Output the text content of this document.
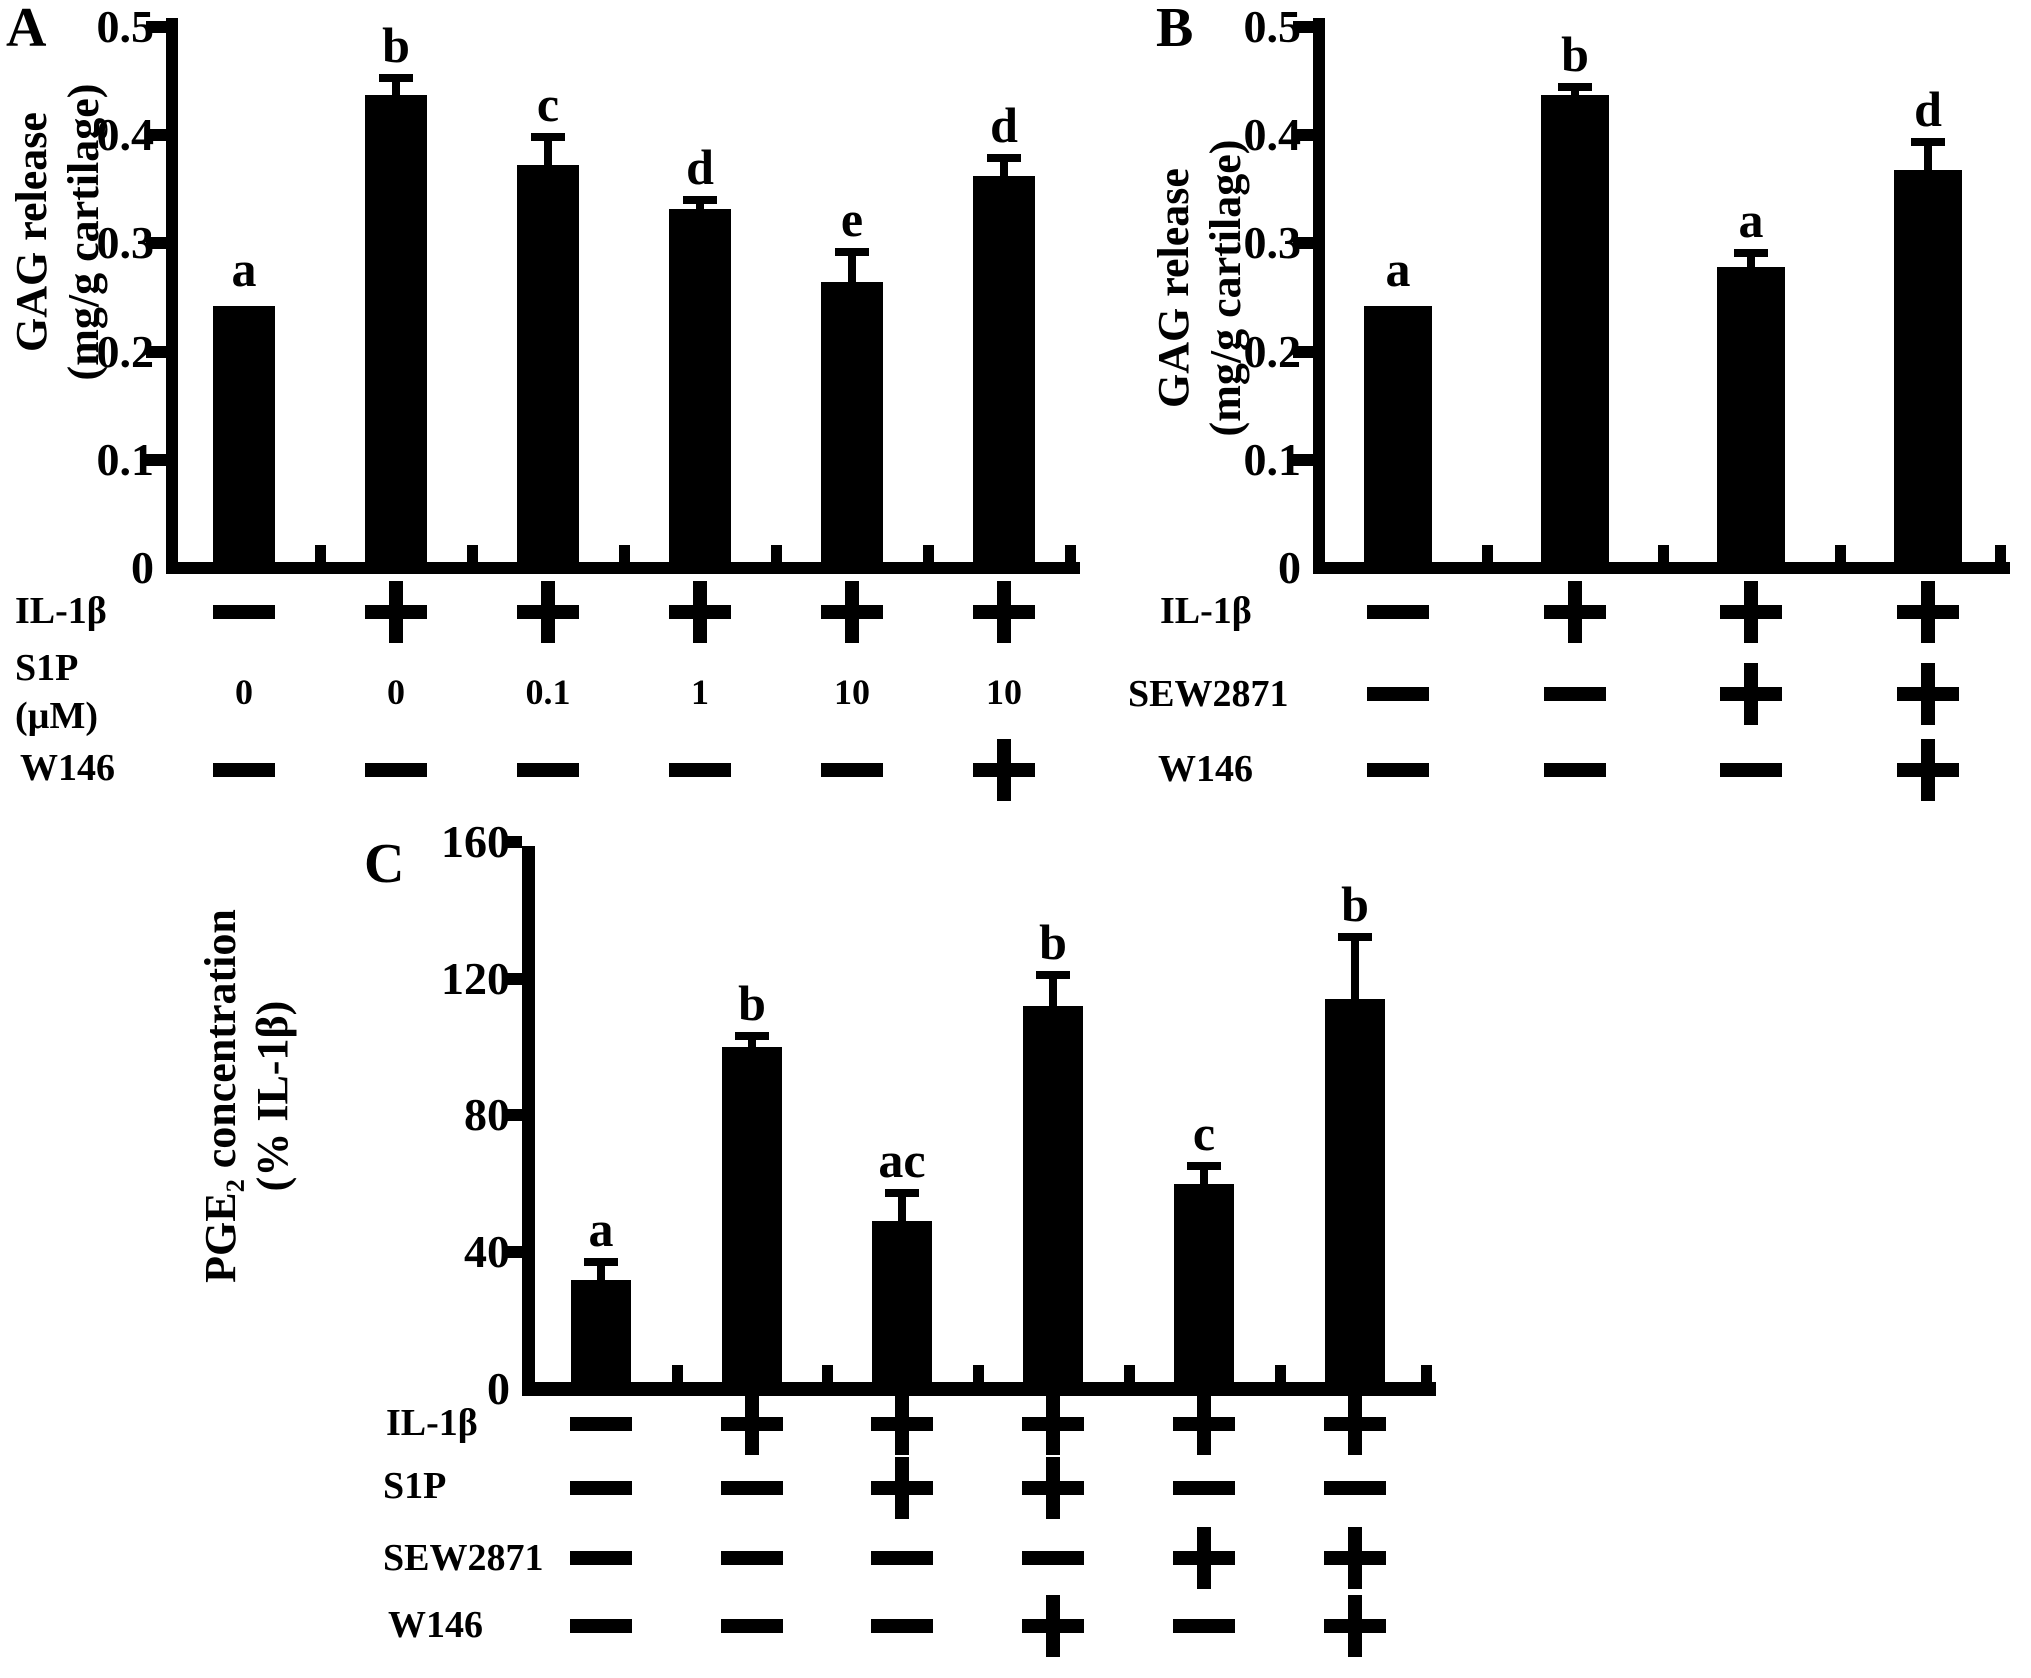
A
GAG release (mg/g cartilage)
0.5
0.4
0.3
0.2
0.1
0
a
b
c
d
e
d
IL-1β
S1P
(µM)
0	0	0.1	1	10	10
W146
B
GAG release (mg/g cartilage)
0.5
0.4
0.3
0.2
0.1
0
a
b
a
d
IL-1β
SEW2871
W146
C
PGE₂ concentration (% IL-1β)
160
120
80
40
0
a
b
ac
b
c
b
IL-1β
S1P
SEW2871
W146
